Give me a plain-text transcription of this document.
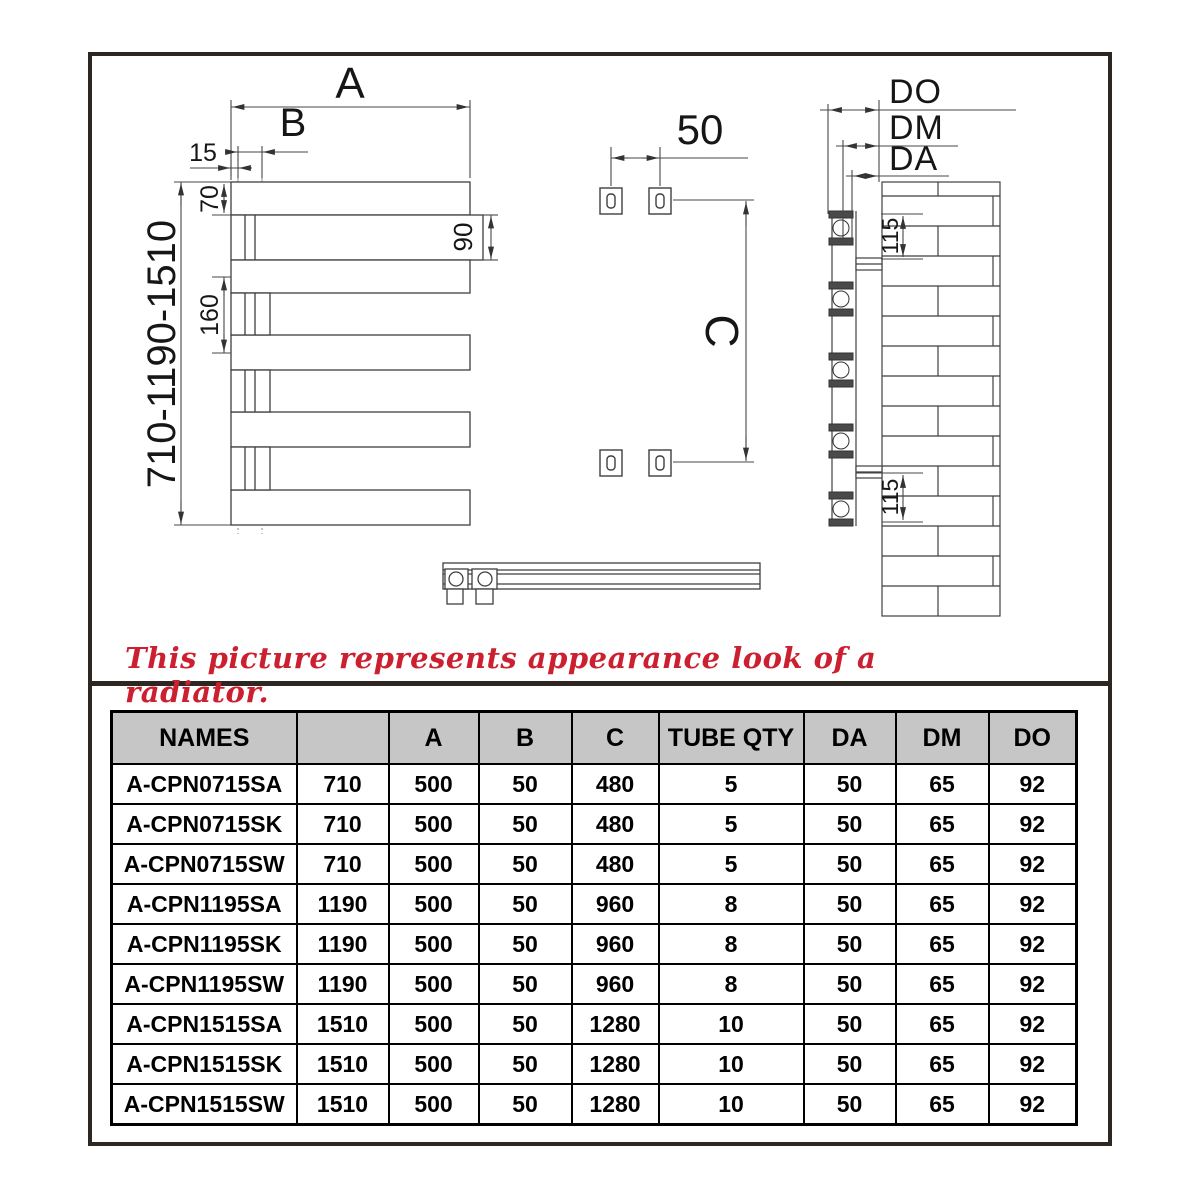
A
B
15
70
160
710-1190-1510	90
50
C
DO
DM
DA
115
115
This picture represents appearance look of a radiator.
NAMES		A	B	C	TUBE QTY	DA	DM	DO
A-CPN0715SA	710	500	50	480	5	50	65	92
A-CPN0715SK	710	500	50	480	5	50	65	92
A-CPN0715SW	710	500	50	480	5	50	65	92
A-CPN1195SA	1190	500	50	960	8	50	65	92
A-CPN1195SK	1190	500	50	960	8	50	65	92
A-CPN1195SW	1190	500	50	960	8	50	65	92
A-CPN1515SA	1510	500	50	1280	10	50	65	92
A-CPN1515SK	1510	500	50	1280	10	50	65	92
A-CPN1515SW	1510	500	50	1280	10	50	65	92
